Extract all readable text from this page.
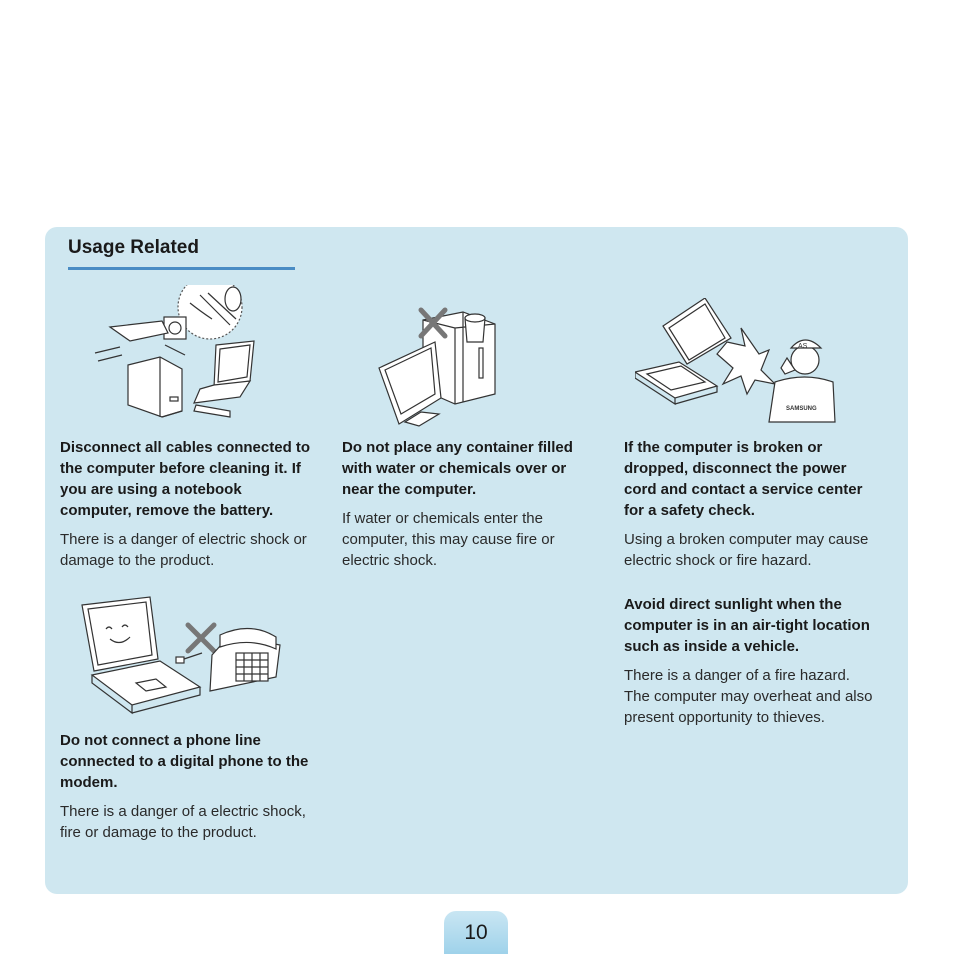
Usage Related
AS
SAMSUNG

Disconnect all cables connected to the computer before cleaning it. If you are using a notebook computer, remove the battery.

There is a danger of electric shock or damage to the product.

Do not place any container filled with water or chemicals over or near the computer.

If water or chemicals enter the computer, this may cause fire or electric shock.

If the computer is broken or dropped, disconnect the power cord and contact a service center for a safety check.

Using a broken computer may cause electric shock or fire hazard.

Do not connect a phone line connected to a digital phone to the modem.

There is a danger of a electric shock, fire or damage to the product.

Avoid direct sunlight when the computer is in an air-tight location such as inside a vehicle.

There is a danger of a fire hazard. The computer may overheat and also present opportunity to thieves.

10
